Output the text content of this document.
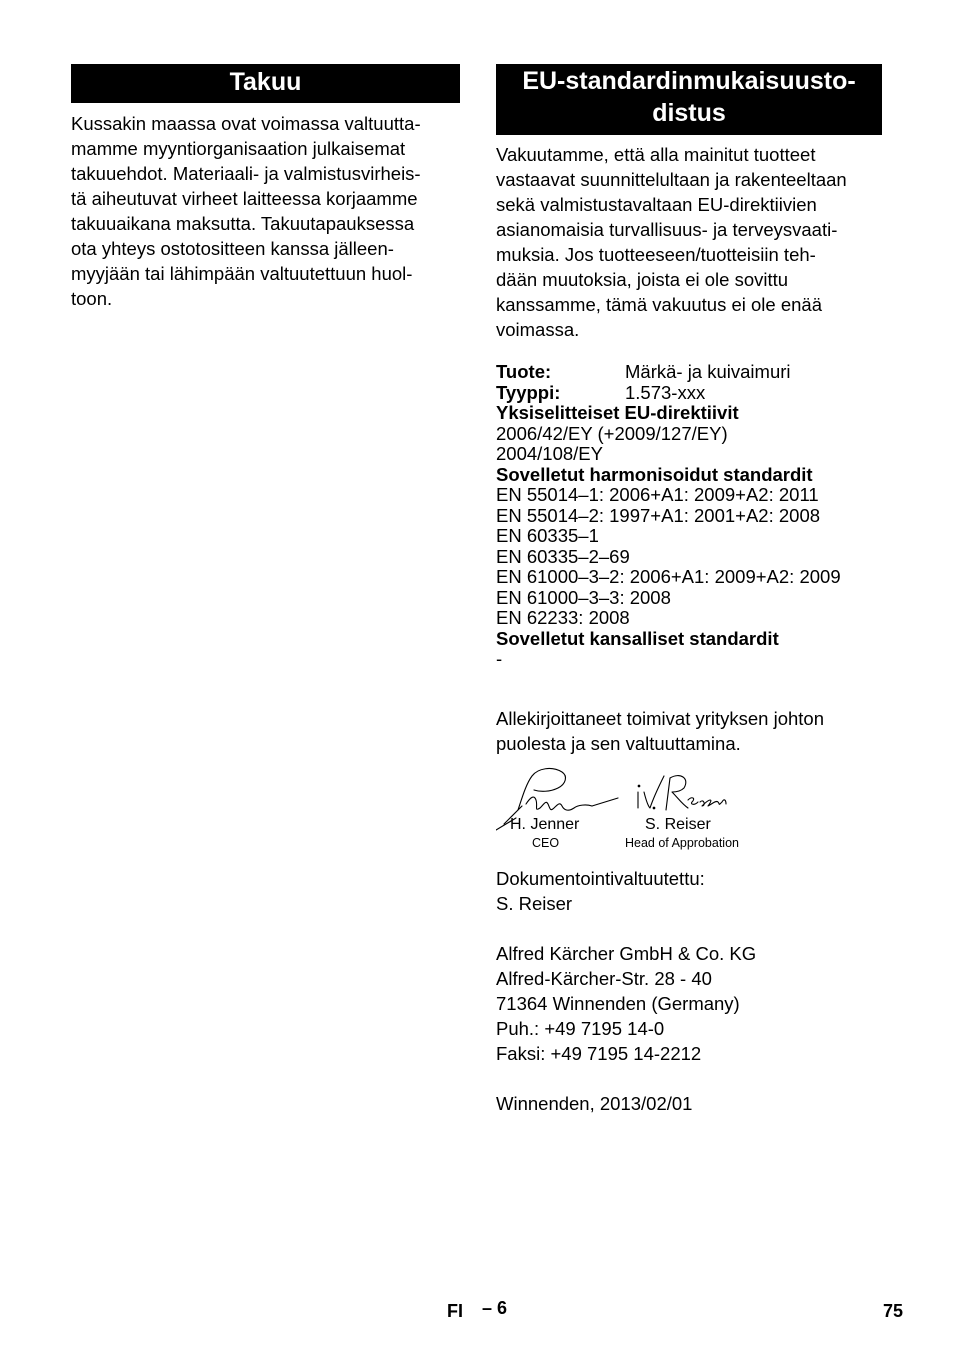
Takuu
Kussakin maassa ovat voimassa valtuutta-
mamme myyntiorganisaation julkaisemat
takuuehdot. Materiaali- ja valmistusvirheis-
tä aiheutuvat virheet laitteessa korjaamme
takuuaikana maksutta. Takuutapauksessa
ota yhteys ostotositteen kanssa jälleen-
myyjään tai lähimpään valtuutettuun huol-
toon.
EU-standardinmukaisuusto-
distus
Vakuutamme, että alla mainitut tuotteet
vastaavat suunnittelultaan ja rakenteeltaan
sekä valmistustavaltaan EU-direktiivien
asianomaisia turvallisuus- ja terveysvaati-
muksia. Jos tuotteeseen/tuotteisiin teh-
dään muutoksia, joista ei ole sovittu
kanssamme, tämä vakuutus ei ole enää
voimassa.
Tuote:	Märkä- ja kuivaimuri
Tyyppi:	1.573-xxx
Yksiselitteiset EU-direktiivit
2006/42/EY (+2009/127/EY)
2004/108/EY
Sovelletut harmonisoidut standardit
EN 55014–1: 2006+A1: 2009+A2: 2011
EN 55014–2: 1997+A1: 2001+A2: 2008
EN 60335–1
EN 60335–2–69
EN 61000–3–2: 2006+A1: 2009+A2: 2009
EN 61000–3–3: 2008
EN 62233: 2008
Sovelletut kansalliset standardit
-
Allekirjoittaneet toimivat yrityksen johton
puolesta ja sen valtuuttamina.
H. Jenner
CEO
S. Reiser
Head of Approbation
Dokumentointivaltuutettu:
S. Reiser
Alfred Kärcher GmbH & Co. KG
Alfred-Kärcher-Str. 28 - 40
71364 Winnenden (Germany)
Puh.: +49 7195 14-0
Faksi: +49 7195 14-2212
Winnenden, 2013/02/01
FI – 6	75
